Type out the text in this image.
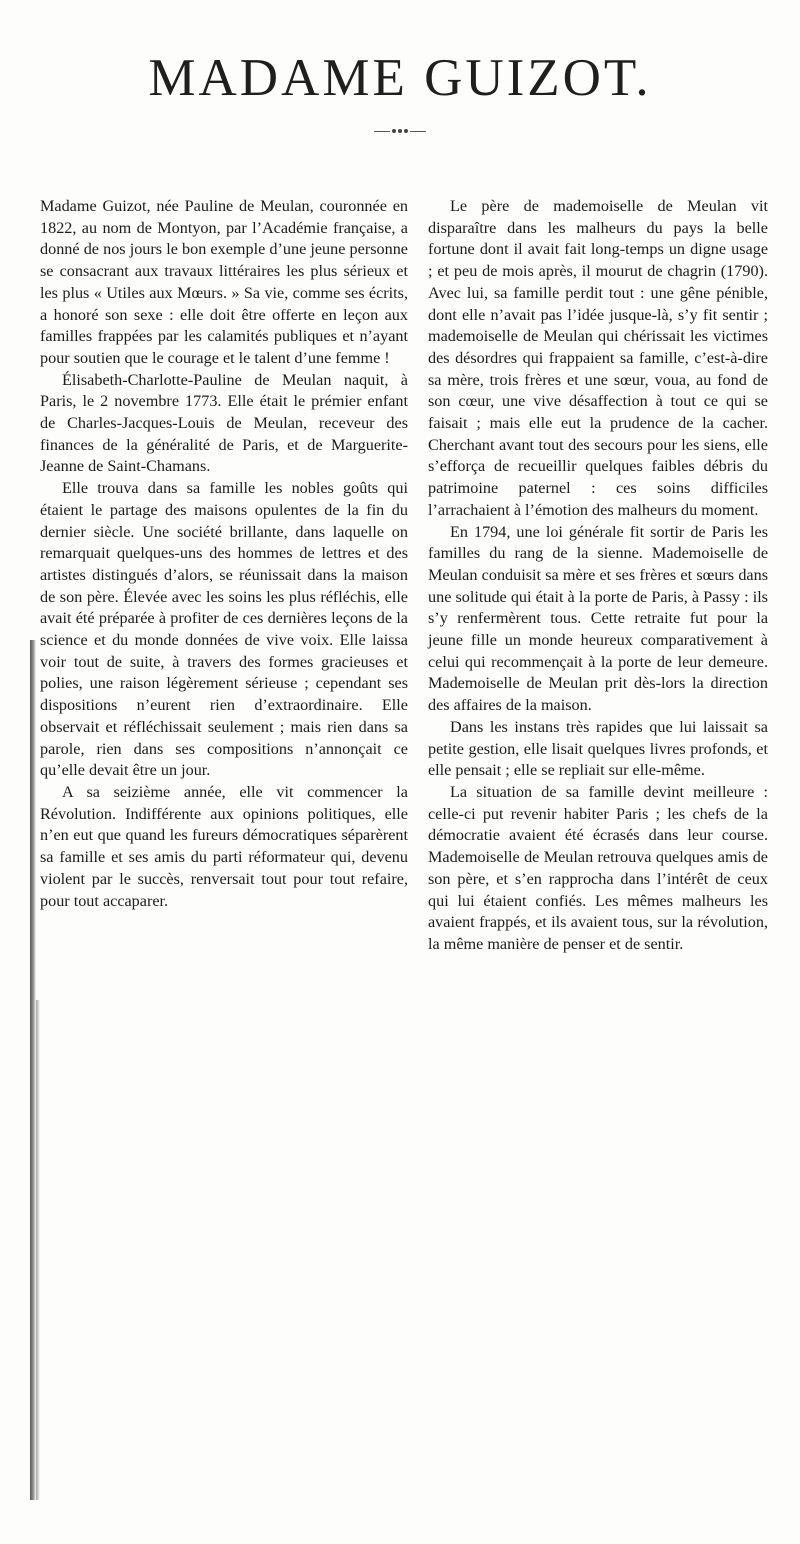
MADAME GUIZOT.

Madame Guizot, née Pauline de Meulan, couronnée en 1822, au nom de Montyon, par l’Académie française, a donné de nos jours le bon exemple d’une jeune personne se consacrant aux travaux littéraires les plus sérieux et les plus « Utiles aux Mœurs. » Sa vie, comme ses écrits, a honoré son sexe : elle doit être offerte en leçon aux familles frappées par les calamités publiques et n’ayant pour soutien que le courage et le talent d’une femme !

Élisabeth-Charlotte-Pauline de Meulan naquit, à Paris, le 2 novembre 1773. Elle était le prémier enfant de Charles-Jacques-Louis de Meulan, receveur des finances de la généralité de Paris, et de Marguerite-Jeanne de Saint-Chamans.

Elle trouva dans sa famille les nobles goûts qui étaient le partage des maisons opulentes de la fin du dernier siècle. Une société brillante, dans laquelle on remarquait quelques-uns des hommes de lettres et des artistes distingués d’alors, se réunissait dans la maison de son père. Élevée avec les soins les plus réfléchis, elle avait été préparée à profiter de ces dernières leçons de la science et du monde données de vive voix. Elle laissa voir tout de suite, à travers des formes gracieuses et polies, une raison légèrement sérieuse ; cependant ses dispositions n’eurent rien d’extraordinaire. Elle observait et réfléchissait seulement ; mais rien dans sa parole, rien dans ses compositions n’annonçait ce qu’elle devait être un jour.

A sa seizième année, elle vit commencer la Révolution. Indifférente aux opinions politiques, elle n’en eut que quand les fureurs démocratiques séparèrent sa famille et ses amis du parti réformateur qui, devenu violent par le succès, renversait tout pour tout refaire, pour tout accaparer.

Le père de mademoiselle de Meulan vit disparaître dans les malheurs du pays la belle fortune dont il avait fait long-temps un digne usage ; et peu de mois après, il mourut de chagrin (1790). Avec lui, sa famille perdit tout : une gêne pénible, dont elle n’avait pas l’idée jusque-là, s’y fit sentir ; mademoiselle de Meulan qui chérissait les victimes des désordres qui frappaient sa famille, c’est-à-dire sa mère, trois frères et une sœur, voua, au fond de son cœur, une vive désaffection à tout ce qui se faisait ; mais elle eut la prudence de la cacher. Cherchant avant tout des secours pour les siens, elle s’efforça de recueillir quelques faibles débris du patrimoine paternel : ces soins difficiles l’arrachaient à l’émotion des malheurs du moment.

En 1794, une loi générale fit sortir de Paris les familles du rang de la sienne. Mademoiselle de Meulan conduisit sa mère et ses frères et sœurs dans une solitude qui était à la porte de Paris, à Passy : ils s’y renfermèrent tous. Cette retraite fut pour la jeune fille un monde heureux comparativement à celui qui recommençait à la porte de leur demeure. Mademoiselle de Meulan prit dès-lors la direction des affaires de la maison.

Dans les instans très rapides que lui laissait sa petite gestion, elle lisait quelques livres profonds, et elle pensait ; elle se repliait sur elle-même.

La situation de sa famille devint meilleure : celle-ci put revenir habiter Paris ; les chefs de la démocratie avaient été écrasés dans leur course. Mademoiselle de Meulan retrouva quelques amis de son père, et s’en rapprocha dans l’intérêt de ceux qui lui étaient confiés. Les mêmes malheurs les avaient frappés, et ils avaient tous, sur la révolution, la même manière de penser et de sentir.
